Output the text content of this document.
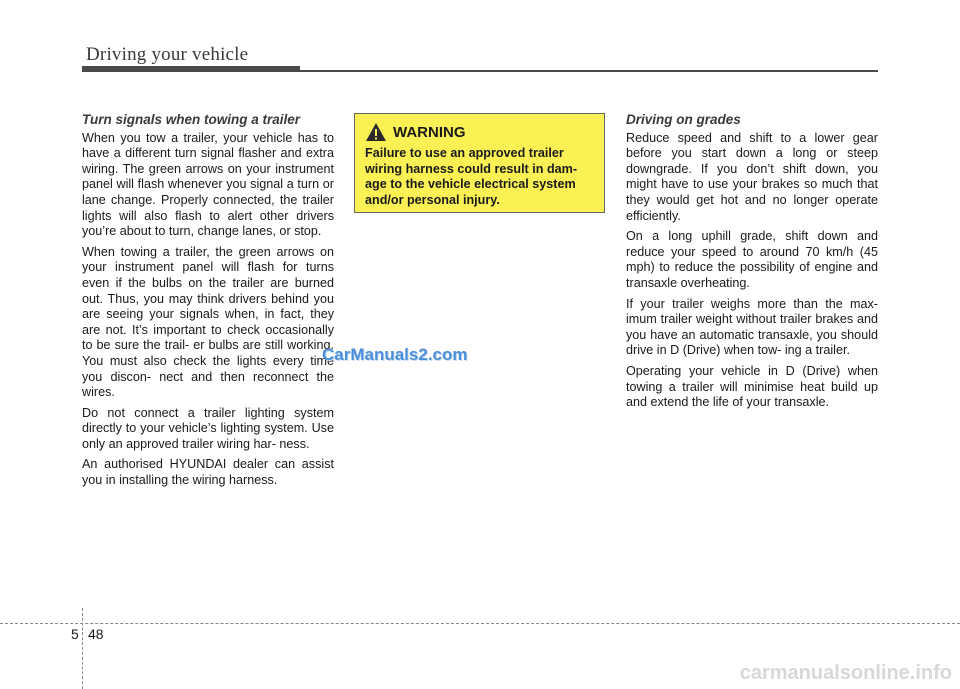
Driving your vehicle
Turn signals when towing a trailer

When you tow a trailer, your vehicle has to have a different turn signal flasher and extra wiring. The green arrows on your instrument panel will flash whenever you signal a turn or lane change. Properly connected, the trailer lights will also flash to alert other drivers you’re about to turn, change lanes, or stop.

When towing a trailer, the green arrows on your instrument panel will flash for turns even if the bulbs on the trailer are burned out. Thus, you may think drivers behind you are seeing your signals when, in fact, they are not. It’s important to check occasionally to be sure the trail- er bulbs are still working. You must also check the lights every time you discon- nect and then reconnect the wires.

Do not connect a trailer lighting system directly to your vehicle’s lighting system. Use only an approved trailer wiring har- ness.

An authorised HYUNDAI dealer can assist you in installing the wiring harness.

WARNING
Failure to use an approved trailer wiring harness could result in dam- age to the vehicle electrical system and/or personal injury.
Driving on grades

Reduce speed and shift to a lower gear before you start down a long or steep downgrade. If you don’t shift down, you might have to use your brakes so much that they would get hot and no longer operate efficiently.

On a long uphill grade, shift down and reduce your speed to around 70 km/h (45 mph) to reduce the possibility of engine and transaxle overheating.

If your trailer weighs more than the max- imum trailer weight without trailer brakes and you have an automatic transaxle, you should drive in D (Drive) when tow- ing a trailer.

Operating your vehicle in D (Drive) when towing a trailer will minimise heat build up and extend the life of your transaxle.

CarManuals2.com
5 48
carmanualsonline.info
